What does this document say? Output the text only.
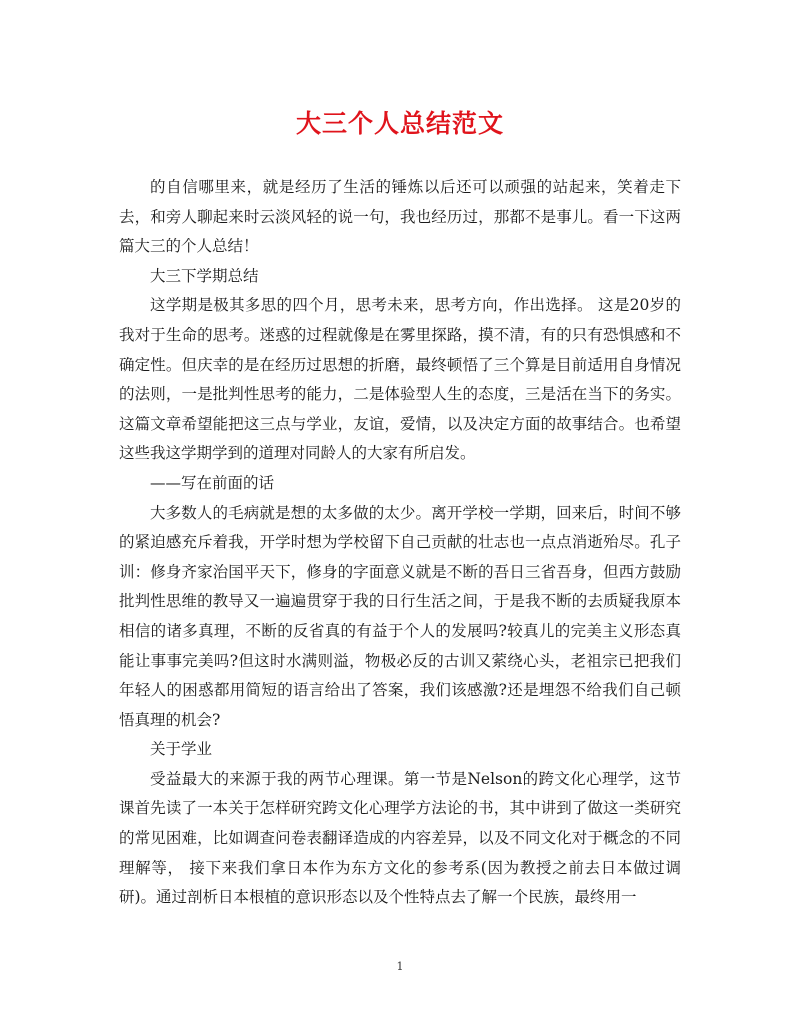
大三个人总结范文

的自信哪里来，就是经历了生活的锤炼以后还可以顽强的站起来，笑着走下去，和旁人聊起来时云淡风轻的说一句，我也经历过，那都不是事儿。看一下这两篇大三的个人总结！

大三下学期总结

这学期是极其多思的四个月，思考未来，思考方向，作出选择。 这是20岁的我对于生命的思考。迷惑的过程就像是在雾里探路，摸不清，有的只有恐惧感和不确定性。但庆幸的是在经历过思想的折磨，最终顿悟了三个算是目前适用自身情况的法则，一是批判性思考的能力，二是体验型人生的态度，三是活在当下的务实。这篇文章希望能把这三点与学业，友谊，爱情，以及决定方面的故事结合。也希望这些我这学期学到的道理对同龄人的大家有所启发。

——写在前面的话

大多数人的毛病就是想的太多做的太少。离开学校一学期，回来后，时间不够的紧迫感充斥着我，开学时想为学校留下自己贡献的壮志也一点点消逝殆尽。孔子训：修身齐家治国平天下，修身的字面意义就是不断的吾日三省吾身，但西方鼓励批判性思维的教导又一遍遍贯穿于我的日行生活之间，于是我不断的去质疑我原本相信的诸多真理，不断的反省真的有益于个人的发展吗?较真儿的完美主义形态真能让事事完美吗?但这时水满则溢，物极必反的古训又萦绕心头，老祖宗已把我们年轻人的困惑都用简短的语言给出了答案，我们该感激?还是埋怨不给我们自己顿悟真理的机会?

关于学业

受益最大的来源于我的两节心理课。第一节是Nelson的跨文化心理学，这节课首先读了一本关于怎样研究跨文化心理学方法论的书，其中讲到了做这一类研究的常见困难，比如调查问卷表翻译造成的内容差异，以及不同文化对于概念的不同理解等， 接下来我们拿日本作为东方文化的参考系(因为教授之前去日本做过调研)。通过剖析日本根植的意识形态以及个性特点去了解一个民族，最终用一

1
